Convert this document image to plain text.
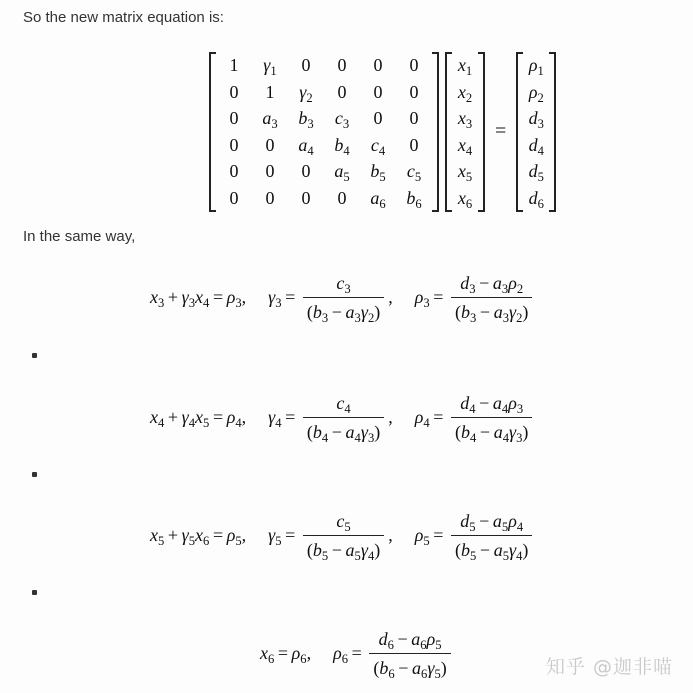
So the new matrix equation is:
1	$\gamma_1$	0	0	0	0
0	1	$\gamma_2$	0	0	0
0	$a_3$	$b_3$	$c_3$	0	0
0	0	$a_4$	$b_4$	$c_4$	0
0	0	0	$a_5$	$b_5$	$c_5$
0	0	0	0	$a_6$	$b_6$
$x_1$
$x_2$
$x_3$
$x_4$
$x_5$
$x_6$
=
$\rho_1$
$\rho_2$
$d_3$
$d_4$
$d_5$
$d_6$
In the same way,
$x_3 + \gamma_3x_4 = \rho_3$, $\gamma_3 = \frac{c_3}{(b_3 - a_3\gamma_2)}$ , $\rho_3 = \frac{d_3 - a_3\rho_2}{(b_3 - a_3\gamma_2)}$
$x_4 + \gamma_4x_5 = \rho_4$, $\gamma_4 = \frac{c_4}{(b_4 - a_4\gamma_3)}$ , $\rho_4 = \frac{d_4 - a_4\rho_3}{(b_4 - a_4\gamma_3)}$
$x_5 + \gamma_5x_6 = \rho_5$, $\gamma_5 = \frac{c_5}{(b_5 - a_5\gamma_4)}$ , $\rho_5 = \frac{d_5 - a_5\rho_4}{(b_5 - a_5\gamma_4)}$
$x_6 = \rho_6$, $\rho_6 = \frac{d_6 - a_6\rho_5}{(b_6 - a_6\gamma_5)}$	知乎 @迦非喵
